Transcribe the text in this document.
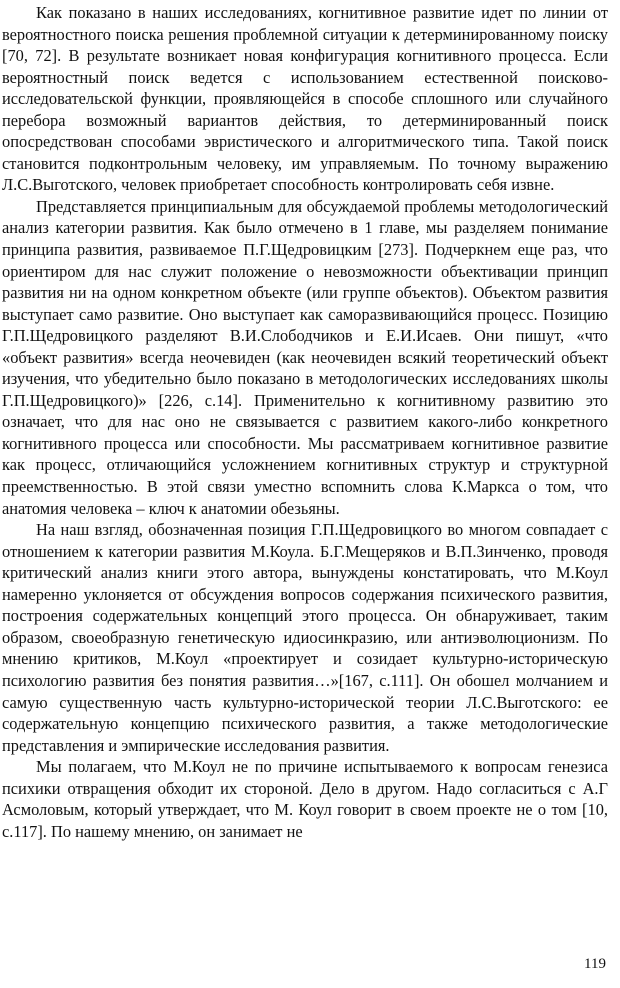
Как показано в наших исследованиях, когнитивное развитие идет по линии от вероятностного поиска решения проблемной ситуации к детерминированному поиску [70, 72]. В результате возникает новая конфигурация когнитивного процесса. Если вероятностный поиск ведется с использованием естественной поисково-исследовательской функции, проявляющейся в способе сплошного или случайного перебора возможный вариантов действия, то детерминированный поиск опосредствован способами эвристического и алгоритмического типа. Такой поиск становится подконтрольным человеку, им управляемым. По точному выражению Л.С.Выготского, человек приобретает способность контролировать себя извне.

Представляется принципиальным для обсуждаемой проблемы методологический анализ категории развития. Как было отмечено в 1 главе, мы разделяем понимание принципа развития, развиваемое П.Г.Щедровицким [273]. Подчеркнем еще раз, что ориентиром для нас служит положение о невозможности объективации принцип развития ни на одном конкретном объекте (или группе объектов). Объектом развития выступает само развитие. Оно выступает как саморазвивающийся процесс. Позицию Г.П.Щедровицкого разделяют В.И.Слободчиков и Е.И.Исаев. Они пишут, «что «объект развития» всегда неочевиден (как неочевиден всякий теоретический объект изучения, что убедительно было показано в методологических исследованиях школы Г.П.Щедровицкого)» [226, с.14]. Применительно к когнитивному развитию это означает, что для нас оно не связывается с развитием какого-либо конкретного когнитивного процесса или способности. Мы рассматриваем когнитивное развитие как процесс, отличающийся усложнением когнитивных структур и структурной преемственностью. В этой связи уместно вспомнить слова К.Маркса о том, что анатомия человека – ключ к анатомии обезьяны.

На наш взгляд, обозначенная позиция Г.П.Щедровицкого во многом совпадает с отношением к категории развития М.Коула. Б.Г.Мещеряков и В.П.Зинченко, проводя критический анализ книги этого автора, вынуждены констатировать, что М.Коул намеренно уклоняется от обсуждения вопросов содержания психического развития, построения содержательных концепций этого процесса. Он обнаруживает, таким образом, своеобразную генетическую идиосинкразию, или антиэволюционизм. По мнению критиков, М.Коул «проектирует и созидает культурно-историческую психологию развития без понятия развития…»[167, с.111]. Он обошел молчанием и самую существенную часть культурно-исторической теории Л.С.Выготского: ее содержательную концепцию психического развития, а также методологические представления и эмпирические исследования развития.

Мы полагаем, что М.Коул не по причине испытываемого к вопросам генезиса психики отвращения обходит их стороной. Дело в другом. Надо согласиться с А.Г Асмоловым, который утверждает, что М. Коул говорит в своем проекте не о том [10, с.117]. По нашему мнению, он занимает не

119
